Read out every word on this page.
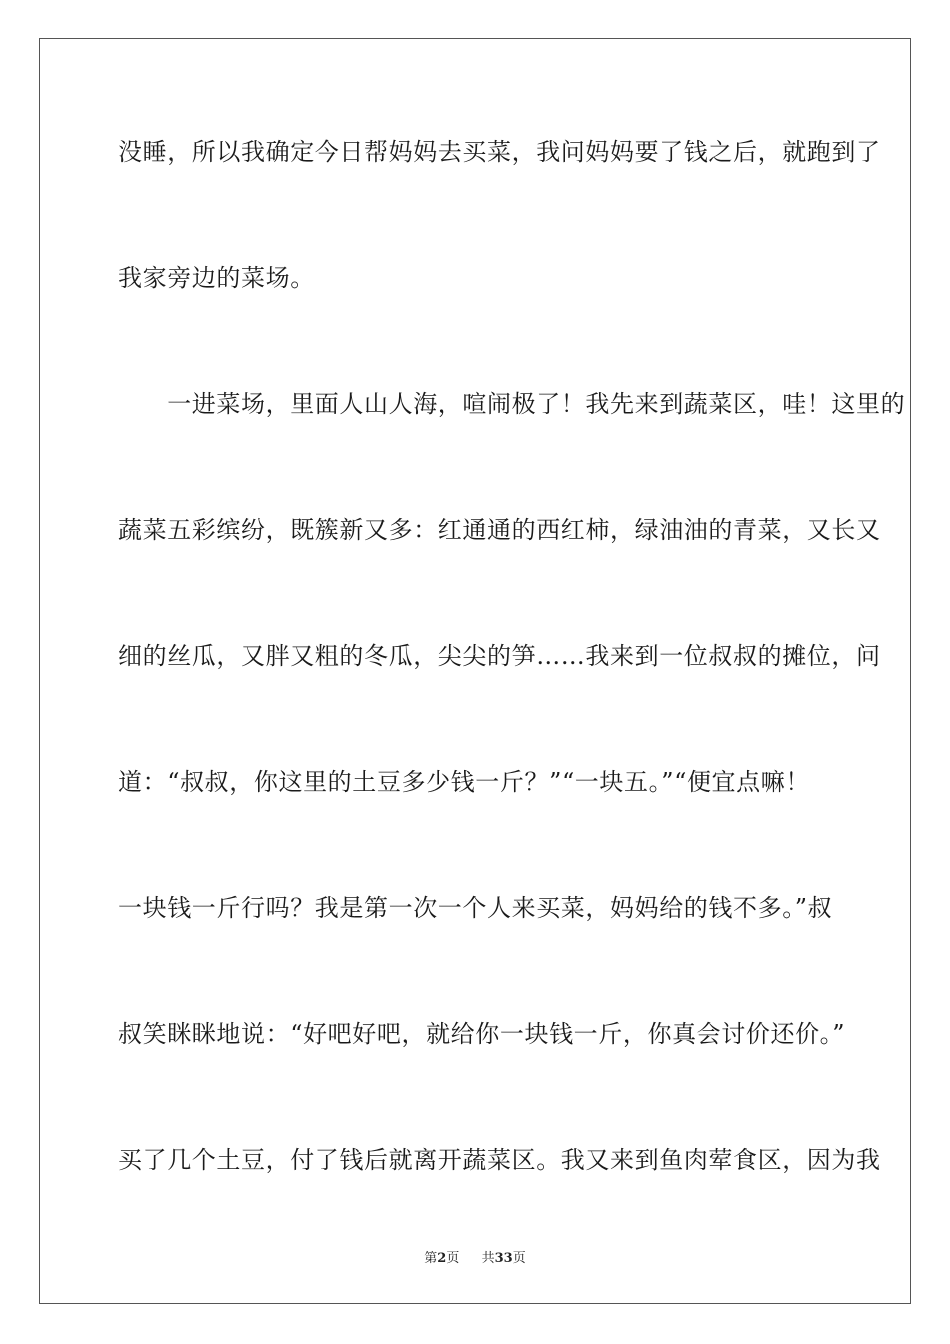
没睡，所以我确定今日帮妈妈去买菜，我问妈妈要了钱之后，就跑到了

我家旁边的菜场。

　　一进菜场，里面人山人海，喧闹极了！我先来到蔬菜区，哇！这里的

蔬菜五彩缤纷，既簇新又多：红通通的西红柿，绿油油的青菜，又长又

细的丝瓜，又胖又粗的冬瓜，尖尖的笋……我来到一位叔叔的摊位，问

道：“叔叔，你这里的土豆多少钱一斤？”“一块五。”“便宜点嘛！

一块钱一斤行吗？我是第一次一个人来买菜，妈妈给的钱不多。”叔

叔笑眯眯地说：“好吧好吧，就给你一块钱一斤，你真会讨价还价。”

买了几个土豆，付了钱后就离开蔬菜区。我又来到鱼肉荤食区，因为我

第2页 共33页
